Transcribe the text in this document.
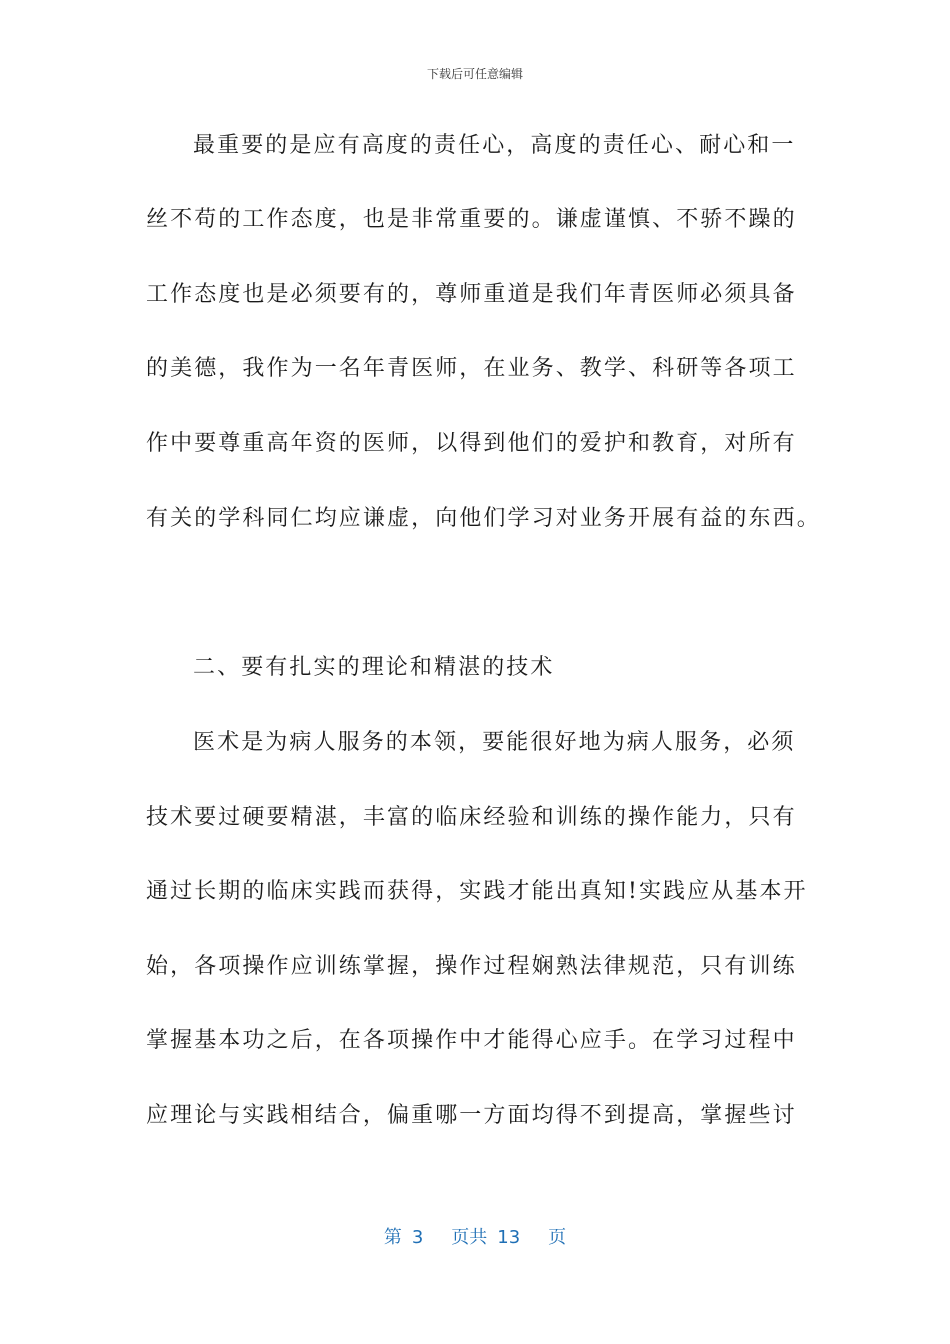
下载后可任意编辑
最重要的是应有高度的责任心，高度的责任心、耐心和一
丝不苟的工作态度，也是非常重要的。谦虚谨慎、不骄不躁的
工作态度也是必须要有的，尊师重道是我们年青医师必须具备
的美德，我作为一名年青医师，在业务、教学、科研等各项工
作中要尊重高年资的医师，以得到他们的爱护和教育，对所有
有关的学科同仁均应谦虚，向他们学习对业务开展有益的东西。
二、要有扎实的理论和精湛的技术
医术是为病人服务的本领，要能很好地为病人服务，必须
技术要过硬要精湛，丰富的临床经验和训练的操作能力，只有
通过长期的临床实践而获得，实践才能出真知!实践应从基本开
始，各项操作应训练掌握，操作过程娴熟法律规范，只有训练
掌握基本功之后，在各项操作中才能得心应手。在学习过程中
应理论与实践相结合，偏重哪一方面均得不到提高，掌握些讨
第 3 页共 13 页
